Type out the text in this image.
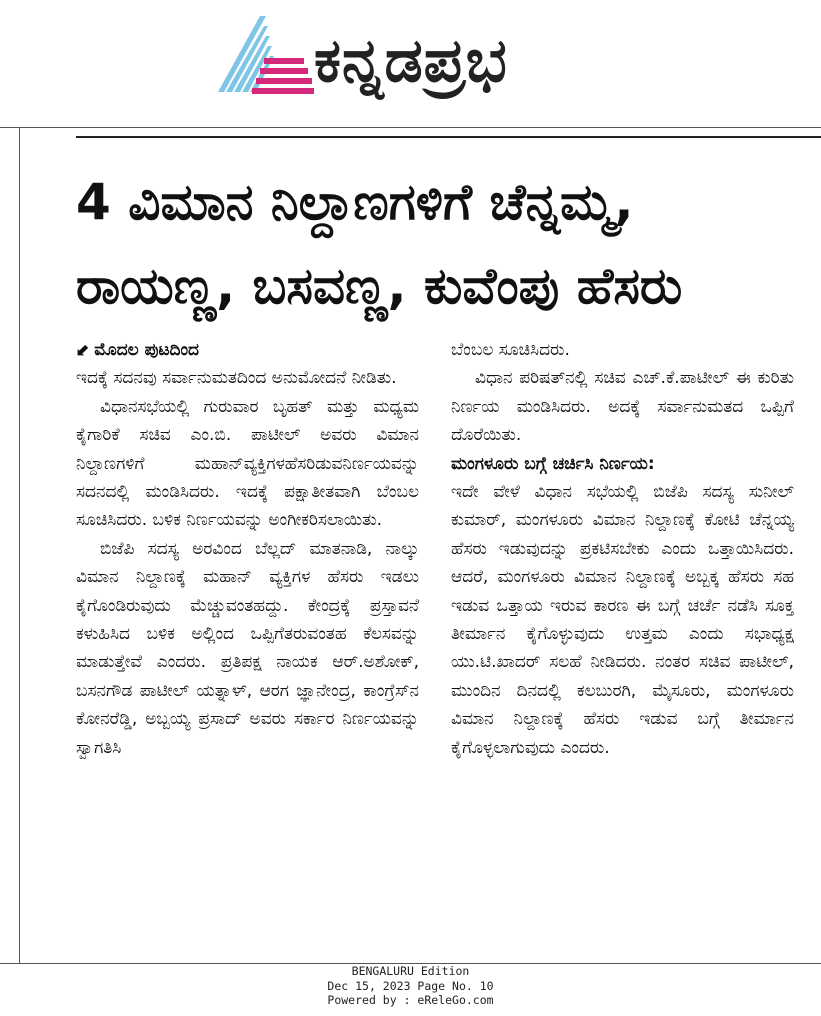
ಕನ್ನಡಪ್ರಭ
4 ವಿಮಾನ ನಿಲ್ದಾಣಗಳಿಗೆ ಚೆನ್ನಮ್ಮ,
ರಾಯಣ್ಣ, ಬಸವಣ್ಣ, ಕುವೆಂಪು ಹೆಸರು
⬋ ಮೊದಲ ಪುಟದಿಂದ

ಇದಕ್ಕೆ ಸದನವು ಸರ್ವಾನುಮತದಿಂದ ಅನುಮೋದನೆ ನೀಡಿತು.

ವಿಧಾನಸಭೆಯಲ್ಲಿ ಗುರುವಾರ ಬೃಹತ್ ಮತ್ತು ಮಧ್ಯಮ ಕೈಗಾರಿಕೆ ಸಚಿವ ಎಂ.ಬಿ. ಪಾಟೀಲ್ ಅವರು ವಿಮಾನ ನಿಲ್ದಾಣಗಳಿಗೆ ಮಹಾನ್‌ವ್ಯಕ್ತಿಗಳಹೆಸರಿಡುವನಿರ್ಣಯವನ್ನು ಸದನದಲ್ಲಿ ಮಂಡಿಸಿದರು. ಇದಕ್ಕೆ ಪಕ್ಷಾತೀತವಾಗಿ ಬೆಂಬಲ ಸೂಚಿಸಿದರು. ಬಳಿಕ ನಿರ್ಣಯವನ್ನು ಅಂಗೀಕರಿಸಲಾಯಿತು.

ಬಿಜೆಪಿ ಸದಸ್ಯ ಅರವಿಂದ ಬೆಲ್ಲದ್ ಮಾತನಾಡಿ, ನಾಲ್ಕು ವಿಮಾನ ನಿಲ್ದಾಣಕ್ಕೆ ಮಹಾನ್ ವ್ಯಕ್ತಿಗಳ ಹೆಸರು ಇಡಲು ಕೈಗೊಂಡಿರುವುದು ಮೆಚ್ಚುವಂತಹದ್ದು. ಕೇಂದ್ರಕ್ಕೆ ಪ್ರಸ್ತಾವನೆ ಕಳುಹಿಸಿದ ಬಳಿಕ ಅಲ್ಲಿಂದ ಒಪ್ಪಿಗೆತರುವಂತಹ ಕೆಲಸವನ್ನು ಮಾಡುತ್ತೇವೆ ಎಂದರು. ಪ್ರತಿಪಕ್ಷ ನಾಯಕ ಆರ್.ಅಶೋಕ್, ಬಸನಗೌಡ ಪಾಟೀಲ್ ಯತ್ನಾಳ್, ಆರಗ ಜ್ಞಾನೇಂದ್ರ, ಕಾಂಗ್ರೆಸ್‌ನ ಕೋನರೆಡ್ಡಿ, ಅಬ್ಬಯ್ಯ ಪ್ರಸಾದ್ ಅವರು ಸರ್ಕಾರ ನಿರ್ಣಯವನ್ನು ಸ್ವಾಗತಿಸಿ

ಬೆಂಬಲ ಸೂಚಿಸಿದರು.

ವಿಧಾನ ಪರಿಷತ್‌ನಲ್ಲಿ ಸಚಿವ ಎಚ್.ಕೆ.ಪಾಟೀಲ್ ಈ ಕುರಿತು ನಿರ್ಣಯ ಮಂಡಿಸಿದರು. ಅದಕ್ಕೆ ಸರ್ವಾನುಮತದ ಒಪ್ಪಿಗೆ ದೊರೆಯಿತು.

ಮಂಗಳೂರು ಬಗ್ಗೆ ಚರ್ಚಿಸಿ ನಿರ್ಣಯ:

ಇದೇ ವೇಳೆ ವಿಧಾನ ಸಭೆಯಲ್ಲಿ ಬಿಜೆಪಿ ಸದಸ್ಯ ಸುನೀಲ್ ಕುಮಾರ್, ಮಂಗಳೂರು ವಿಮಾನ ನಿಲ್ದಾಣಕ್ಕೆ ಕೋಟಿ ಚೆನ್ನಯ್ಯ ಹೆಸರು ಇಡುವುದನ್ನು ಪ್ರಕಟಿಸಬೇಕು ಎಂದು ಒತ್ತಾಯಿಸಿದರು. ಆದರೆ, ಮಂಗಳೂರು ವಿಮಾನ ನಿಲ್ದಾಣಕ್ಕೆ ಅಬ್ಬಕ್ಕ ಹೆಸರು ಸಹ ಇಡುವ ಒತ್ತಾಯ ಇರುವ ಕಾರಣ ಈ ಬಗ್ಗೆ ಚರ್ಚೆ ನಡೆಸಿ ಸೂಕ್ತ ತೀರ್ಮಾನ ಕೈಗೊಳ್ಳುವುದು ಉತ್ತಮ ಎಂದು ಸಭಾಧ್ಯಕ್ಷ ಯು.ಟಿ.ಖಾದರ್ ಸಲಹೆ ನೀಡಿದರು. ನಂತರ ಸಚಿವ ಪಾಟೀಲ್, ಮುಂದಿನ ದಿನದಲ್ಲಿ ಕಲಬುರಗಿ, ಮೈಸೂರು, ಮಂಗಳೂರು ವಿಮಾನ ನಿಲ್ದಾಣಕ್ಕೆ ಹೆಸರು ಇಡುವ ಬಗ್ಗೆ ತೀರ್ಮಾನ ಕೈಗೊಳ್ಳಲಾಗುವುದು ಎಂದರು.

BENGALURU Edition
Dec 15, 2023 Page No. 10
Powered by : eReleGo.com
